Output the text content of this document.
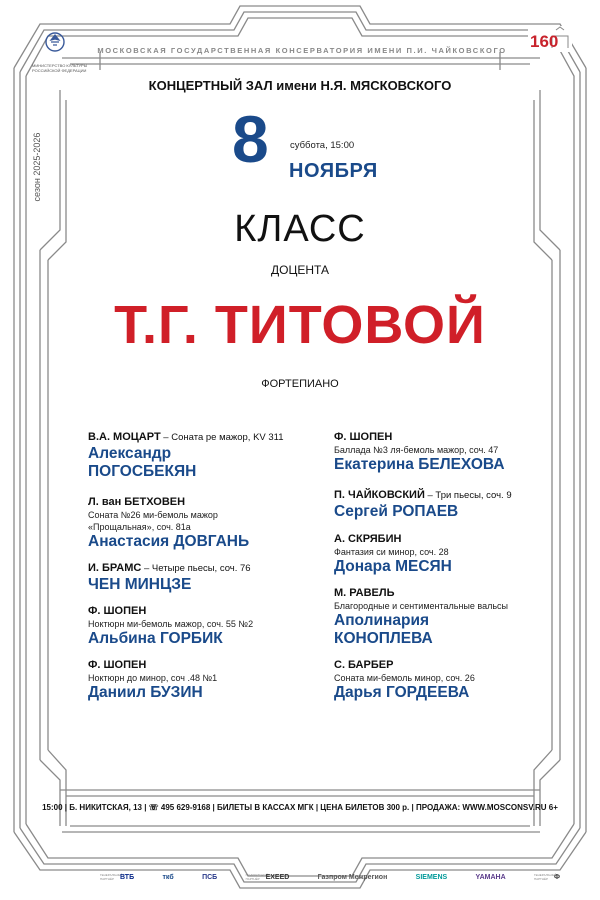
МИНИСТЕРСТВО КУЛЬТУРЫ
РОССИЙСКОЙ ФЕДЕРАЦИИ
МОСКОВСКАЯ ГОСУДАРСТВЕННАЯ КОНСЕРВАТОРИЯ ИМЕНИ П.И. ЧАЙКОВСКОГО	160
сезон 2025-2026
КОНЦЕРТНЫЙ ЗАЛ имени Н.Я. МЯСКОВСКОГО
8 суббота, 15:00
НОЯБРЯ
КЛАСС
ДОЦЕНТА
Т.Г. ТИТОВОЙ
ФОРТЕПИАНО
В.А. МОЦАРТ – Соната ре мажор, KV 311
Александр
ПОГОСБЕКЯН
Л. ван БЕТХОВЕН
Соната №26 ми-бемоль мажор
«Прощальная», соч. 81а
Анастасия ДОВГАНЬ
И. БРАМС – Четыре пьесы, соч. 76
ЧЕН МИНЦЗЕ
Ф. ШОПЕН
Ноктюрн ми-бемоль мажор, соч. 55 №2
Альбина ГОРБИК
Ф. ШОПЕН
Ноктюрн до минор, соч .48 №1
Даниил БУЗИН
Ф. ШОПЕН
Баллада №3 ля-бемоль мажор, соч. 47
Екатерина БЕЛЕХОВА
П. ЧАЙКОВСКИЙ – Три пьесы, соч. 9
Сергей РОПАЕВ
А. СКРЯБИН
Фантазия си минор, соч. 28
Донара МЕСЯН
М. РАВЕЛЬ
Благородные и сентиментальные вальсы
Аполинария
КОНОПЛЕВА
С. БАРБЕР
Соната ми-бемоль минор, соч. 26
Дарья ГОРДЕЕВА
15:00 | Б. НИКИТСКАЯ, 13 | ☏ 495 629-9168 | БИЛЕТЫ В КАССАХ МГК | ЦЕНА БИЛЕТОВ 300 р. | ПРОДАЖА: WWW.MOSCONSV.RU 6+
ГЕНЕРАЛЬНЫЙ ПАРТНЁР ВТБ	ткб	ПСБ	ГЕНЕРАЛЬНЫЙ ПАРТНЁР EXEED	Газпром Межрегион	SIEMENS	YAMAHA	ГЕНЕРАЛЬНЫЙ ПАРТНЁР Ф
